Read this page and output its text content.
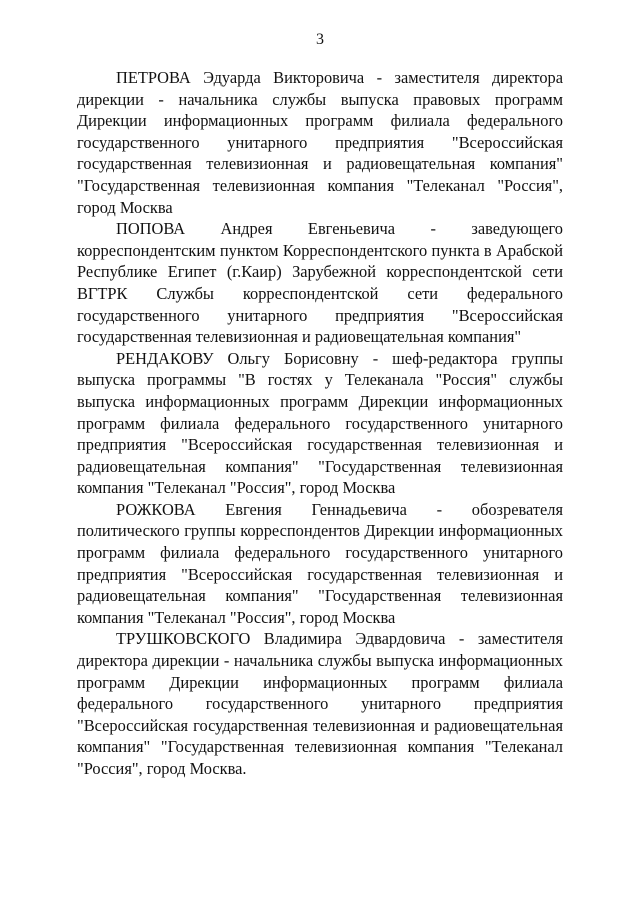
3

ПЕТРОВА Эдуарда Викторовича - заместителя директора дирекции - начальника службы выпуска правовых программ Дирекции информационных программ филиала федерального государственного унитарного предприятия "Всероссийская государственная телевизионная и радиовещательная компания" "Государственная телевизионная компания "Телеканал "Россия", город Москва

ПОПОВА Андрея Евгеньевича - заведующего корреспондентским пунктом Корреспондентского пункта в Арабской Республике Египет (г.Каир) Зарубежной корреспондентской сети ВГТРК Службы корреспондентской сети федерального государственного унитарного предприятия "Всероссийская государственная телевизионная и радиовещательная компания"

РЕНДАКОВУ Ольгу Борисовну - шеф-редактора группы выпуска программы "В гостях у Телеканала "Россия" службы выпуска информационных программ Дирекции информационных программ филиала федерального государственного унитарного предприятия "Всероссийская государственная телевизионная и радиовещательная компания" "Государственная телевизионная компания "Телеканал "Россия", город Москва

РОЖКОВА Евгения Геннадьевича - обозревателя политического группы корреспондентов Дирекции информационных программ филиала федерального государственного унитарного предприятия "Всероссийская государственная телевизионная и радиовещательная компания" "Государственная телевизионная компания "Телеканал "Россия", город Москва

ТРУШКОВСКОГО Владимира Эдвардовича - заместителя директора дирекции - начальника службы выпуска информационных программ Дирекции информационных программ филиала федерального государственного унитарного предприятия "Всероссийская государственная телевизионная и радиовещательная компания" "Государственная телевизионная компания "Телеканал "Россия", город Москва.
